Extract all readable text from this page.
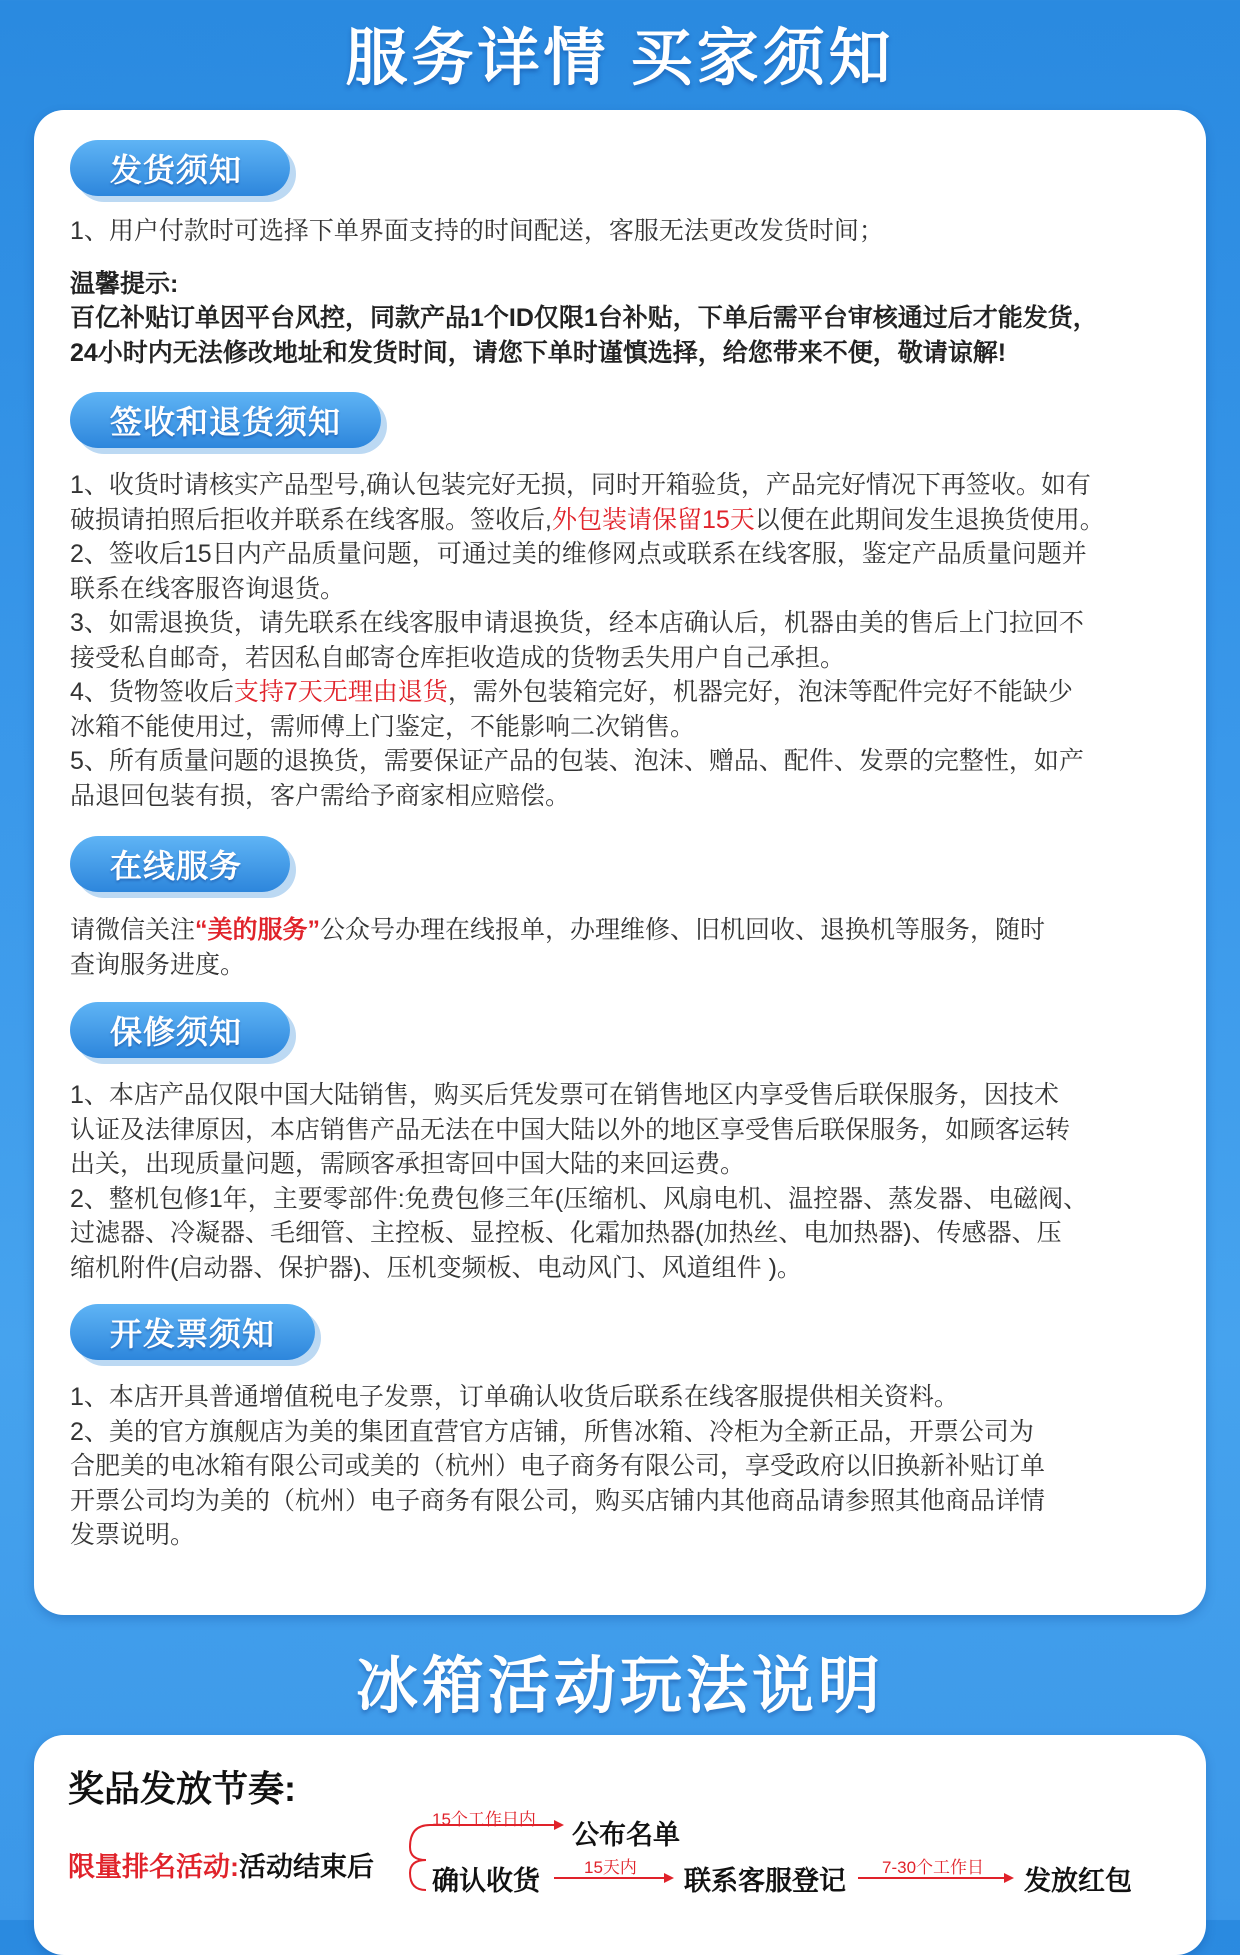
服务详情 买家须知
发货须知

1、用户付款时可选择下单界面支持的时间配送，客服无法更改发货时间；

温馨提示:

百亿补贴订单因平台风控，同款产品1个ID仅限1台补贴，下单后需平台审核通过后才能发货，

24小时内无法修改地址和发货时间，请您下单时谨慎选择，给您带来不便，敬请谅解!

签收和退货须知

1、收货时请核实产品型号,确认包装完好无损，同时开箱验货，产品完好情况下再签收。如有

破损请拍照后拒收并联系在线客服。签收后,外包装请保留15天以便在此期间发生退换货使用。

2、签收后15日内产品质量问题，可通过美的维修网点或联系在线客服，鉴定产品质量问题并

联系在线客服咨询退货。

3、如需退换货，请先联系在线客服申请退换货，经本店确认后，机器由美的售后上门拉回不

接受私自邮奇，若因私自邮寄仓库拒收造成的货物丢失用户自己承担。

4、货物签收后支持7天无理由退货，需外包装箱完好，机器完好，泡沫等配件完好不能缺少

冰箱不能使用过，需师傅上门鉴定，不能影响二次销售。

5、所有质量问题的退换货，需要保证产品的包装、泡沫、赠品、配件、发票的完整性，如产

品退回包装有损，客户需给予商家相应赔偿。

在线服务

请微信关注“美的服务”公众号办理在线报单，办理维修、旧机回收、退换机等服务，随时

查询服务进度。

保修须知

1、本店产品仅限中国大陆销售，购买后凭发票可在销售地区内享受售后联保服务，因技术

认证及法律原因，本店销售产品无法在中国大陆以外的地区享受售后联保服务，如顾客运转

出关，出现质量问题，需顾客承担寄回中国大陆的来回运费。

2、整机包修1年，主要零部件:免费包修三年(压缩机、风扇电机、温控器、蒸发器、电磁阀、

过滤器、冷凝器、毛细管、主控板、显控板、化霜加热器(加热丝、电加热器)、传感器、压

缩机附件(启动器、保护器)、压机变频板、电动风门、风道组件 )。

开发票须知

1、本店开具普通增值税电子发票，订单确认收货后联系在线客服提供相关资料。

2、美的官方旗舰店为美的集团直营官方店铺，所售冰箱、冷柜为全新正品，开票公司为

合肥美的电冰箱有限公司或美的（杭州）电子商务有限公司，享受政府以旧换新补贴订单

开票公司均为美的（杭州）电子商务有限公司，购买店铺内其他商品请参照其他商品详情

发票说明。

冰箱活动玩法说明
奖品发放节奏:
限量排名活动:活动结束后
15个工作日内
公布名单
确认收货	15天内 联系客服登记 7-30个工作日 发放红包
